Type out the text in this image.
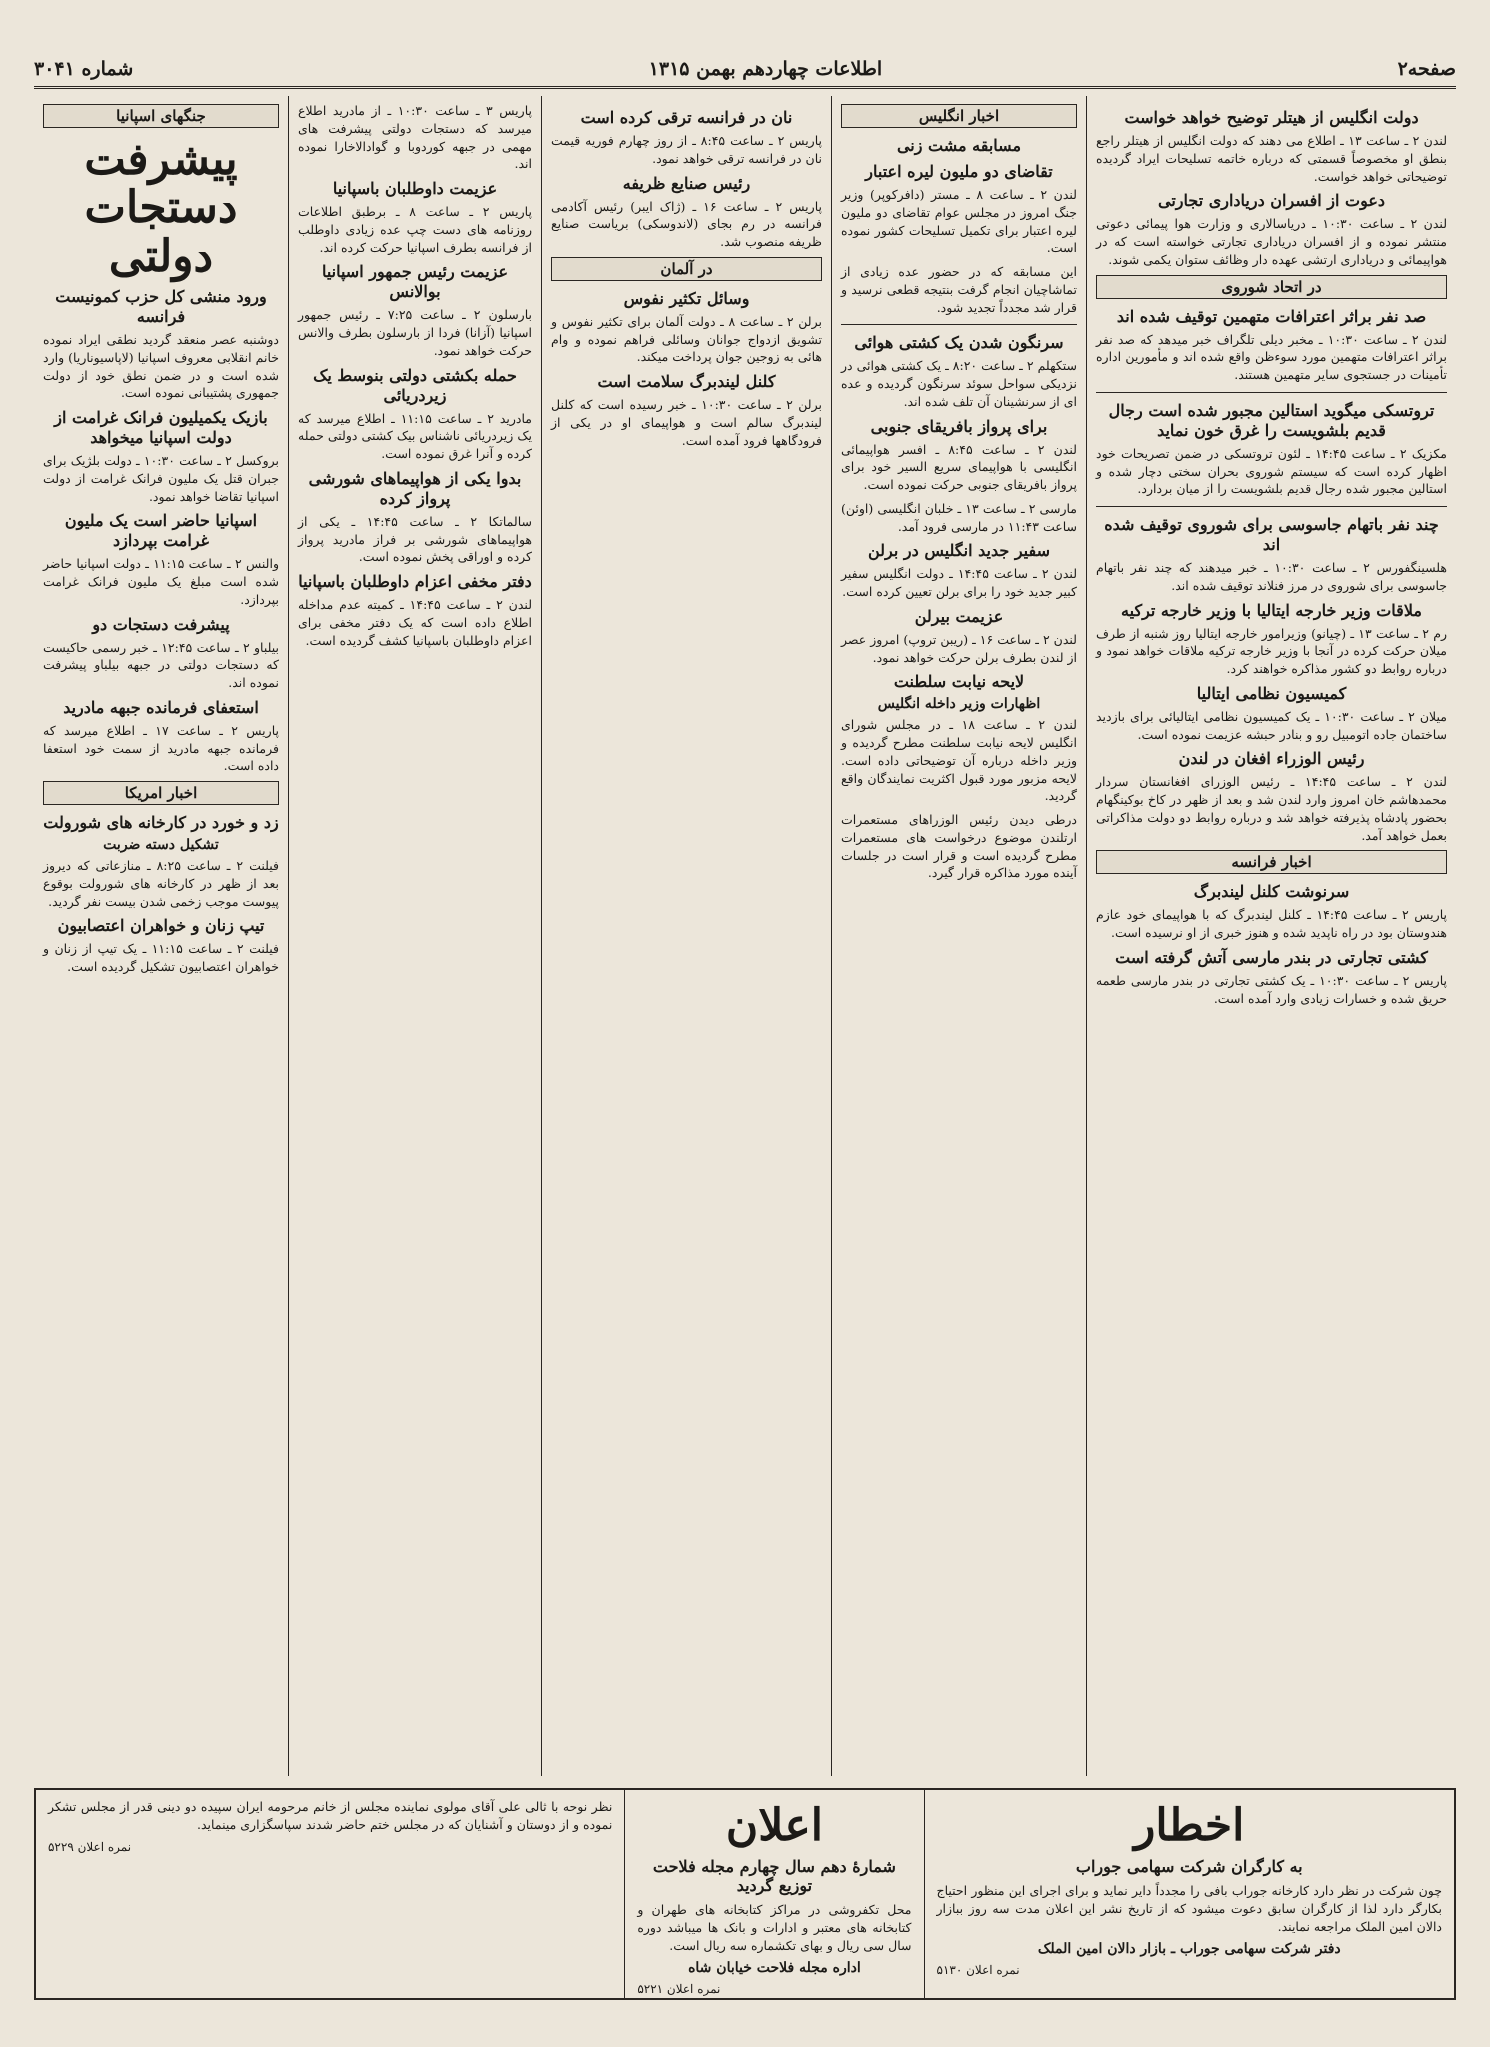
صفحه۲
اطلاعات چهاردهم بهمن ۱۳۱۵
شماره ۳۰۴۱
دولت انگلیس از هیتلر توضیح خواهد خواست

لندن ۲ ـ ساعت ۱۳ ـ اطلاع می دهند که دولت انگلیس از هیتلر راجع بنطق او مخصوصاً قسمتی که درباره خاتمه تسلیحات ایراد گردیده توضیحاتی خواهد خواست.

دعوت از افسران دریاداری تجارتی

لندن ۲ ـ ساعت ۱۰:۳۰ ـ دریاسالاری و وزارت هوا پیمائی دعوتی منتشر نموده و از افسران دریاداری تجارتی خواسته است که در هواپیمائی و دریاداری ارتشی عهده دار وظائف ستوان یکمی شوند.

در اتحاد شوروی
صد نفر براثر اعترافات متهمین توقیف شده اند

لندن ۲ ـ ساعت ۱۰:۳۰ ـ مخبر دیلی تلگراف خبر میدهد که صد نفر براثر اعترافات متهمین مورد سوءظن واقع شده اند و مأمورین اداره تأمینات در جستجوی سایر متهمین هستند.

تروتسکی میگوید استالین مجبور شده است رجال قدیم بلشویست را غرق خون نماید

مکزیک ۲ ـ ساعت ۱۴:۴۵ ـ لئون تروتسکی در ضمن تصریحات خود اظهار کرده است که سیستم شوروی بحران سختی دچار شده و استالین مجبور شده رجال قدیم بلشویست را از میان بردارد.

چند نفر باتهام جاسوسی برای شوروی توقیف شده اند

هلسینگفورس ۲ ـ ساعت ۱۰:۳۰ ـ خبر میدهند که چند نفر باتهام جاسوسی برای شوروی در مرز فنلاند توقیف شده اند.

ملاقات وزیر خارجه ایتالیا با وزیر خارجه ترکیه

رم ۲ ـ ساعت ۱۳ ـ (چیانو) وزیرامور خارجه ایتالیا روز شنبه از طرف میلان حرکت کرده در آنجا با وزیر خارجه ترکیه ملاقات خواهد نمود و درباره روابط دو کشور مذاکره خواهند کرد.

کمیسیون نظامی ایتالیا

میلان ۲ ـ ساعت ۱۰:۳۰ ـ یک کمیسیون نظامی ایتالیائی برای بازدید ساختمان جاده اتومبیل رو و بنادر حبشه عزیمت نموده است.

رئیس الوزراء افغان در لندن

لندن ۲ ـ ساعت ۱۴:۴۵ ـ رئیس الوزرای افغانستان سردار محمدهاشم خان امروز وارد لندن شد و بعد از ظهر در کاخ بوکینگهام بحضور پادشاه پذیرفته خواهد شد و درباره روابط دو دولت مذاکراتی بعمل خواهد آمد.

اخبار فرانسه
سرنوشت کلنل لیندبرگ

پاریس ۲ ـ ساعت ۱۴:۴۵ ـ کلنل لیندبرگ که با هواپیمای خود عازم هندوستان بود در راه ناپدید شده و هنوز خبری از او نرسیده است.

کشتی تجارتی در بندر مارسی آتش گرفته است

پاریس ۲ ـ ساعت ۱۰:۳۰ ـ یک کشتی تجارتی در بندر مارسی طعمه حریق شده و خسارات زیادی وارد آمده است.

اخبار انگلیس
مسابقه مشت زنی
تقاضای دو ملیون لیره اعتبار

لندن ۲ ـ ساعت ۸ ـ مستر (دافرکوپر) وزیر جنگ امروز در مجلس عوام تقاضای دو ملیون لیره اعتبار برای تکمیل تسلیحات کشور نموده است.

این مسابقه که در حضور عده زیادی از تماشاچیان انجام گرفت بنتیجه قطعی نرسید و قرار شد مجدداً تجدید شود.

سرنگون شدن یک کشتی هوائی

ستکهلم ۲ ـ ساعت ۸:۲۰ ـ یک کشتی هوائی در نزدیکی سواحل سوئد سرنگون گردیده و عده ای از سرنشینان آن تلف شده اند.

برای پرواز بافریقای جنوبی

لندن ۲ ـ ساعت ۸:۴۵ ـ افسر هواپیمائی انگلیسی با هواپیمای سریع السیر خود برای پرواز بافریقای جنوبی حرکت نموده است.

مارسی ۲ ـ ساعت ۱۳ ـ خلبان انگلیسی (اوئن) ساعت ۱۱:۴۳ در مارسی فرود آمد.

سفیر جدید انگلیس در برلن

لندن ۲ ـ ساعت ۱۴:۴۵ ـ دولت انگلیس سفیر کبیر جدید خود را برای برلن تعیین کرده است.

عزیمت بیرلن

لندن ۲ ـ ساعت ۱۶ ـ (ریبن تروپ) امروز عصر از لندن بطرف برلن حرکت خواهد نمود.

لایحه نیابت سلطنت
اظهارات وزیر داخله انگلیس

لندن ۲ ـ ساعت ۱۸ ـ در مجلس شورای انگلیس لایحه نیابت سلطنت مطرح گردیده و وزیر داخله درباره آن توضیحاتی داده است. لایحه مزبور مورد قبول اکثریت نمایندگان واقع گردید.

درطی دیدن رئیس الوزراهای مستعمرات ارتلندن موضوع درخواست های مستعمرات مطرح گردیده است و قرار است در جلسات آینده مورد مذاکره قرار گیرد.

نان در فرانسه ترقی کرده است

پاریس ۲ ـ ساعت ۸:۴۵ ـ از روز چهارم فوریه قیمت نان در فرانسه ترقی خواهد نمود.

رئیس صنایع ظریفه

پاریس ۲ ـ ساعت ۱۶ ـ (ژاک ایبر) رئیس آکادمی فرانسه در رم بجای (لاندوسکی) بریاست صنایع ظریفه منصوب شد.

در آلمان
وسائل تکثیر نفوس

برلن ۲ ـ ساعت ۸ ـ دولت آلمان برای تکثیر نفوس و تشویق ازدواج جوانان وسائلی فراهم نموده و وام هائی به زوجین جوان پرداخت میکند.

کلنل لیندبرگ سلامت است

برلن ۲ ـ ساعت ۱۰:۳۰ ـ خبر رسیده است که کلنل لیندبرگ سالم است و هواپیمای او در یکی از فرودگاهها فرود آمده است.

پاریس ۳ ـ ساعت ۱۰:۳۰ ـ از مادرید اطلاع میرسد که دستجات دولتی پیشرفت های مهمی در جبهه کوردوبا و گوادالاخارا نموده اند.

عزیمت داوطلبان باسپانیا

پاریس ۲ ـ ساعت ۸ ـ برطبق اطلاعات روزنامه های دست چپ عده زیادی داوطلب از فرانسه بطرف اسپانیا حرکت کرده اند.

عزیمت رئیس جمهور اسپانیا بوالانس

بارسلون ۲ ـ ساعت ۷:۲۵ ـ رئیس جمهور اسپانیا (آزانا) فردا از بارسلون بطرف والانس حرکت خواهد نمود.

حمله بکشتی دولتی بنوسط یک زیردریائی

مادرید ۲ ـ ساعت ۱۱:۱۵ ـ اطلاع میرسد که یک زیردریائی ناشناس بیک کشتی دولتی حمله کرده و آنرا غرق نموده است.

بدوا یکی از هواپیماهای شورشی پرواز کرده

سالماتکا ۲ ـ ساعت ۱۴:۴۵ ـ یکی از هواپیماهای شورشی بر فراز مادرید پرواز کرده و اوراقی پخش نموده است.

دفتر مخفی اعزام داوطلبان باسپانیا

لندن ۲ ـ ساعت ۱۴:۴۵ ـ کمیته عدم مداخله اطلاع داده است که یک دفتر مخفی برای اعزام داوطلبان باسپانیا کشف گردیده است.

جنگهای اسپانیا
پیشرفت دستجات دولتی
ورود منشی کل حزب کمونیست فرانسه

دوشنبه عصر منعقد گردید نطقی ایراد نموده خانم انقلابی معروف اسپانیا (لاپاسیوناریا) وارد شده است و در ضمن نطق خود از دولت جمهوری پشتیبانی نموده است.

بازیک یکمیلیون فرانک غرامت از دولت اسپانیا میخواهد

بروکسل ۲ ـ ساعت ۱۰:۳۰ ـ دولت بلژیک برای جبران قتل یک ملیون فرانک غرامت از دولت اسپانیا تقاضا خواهد نمود.

اسپانیا حاضر است یک ملیون غرامت بپردازد

والنس ۲ ـ ساعت ۱۱:۱۵ ـ دولت اسپانیا حاضر شده است مبلغ یک ملیون فرانک غرامت بپردازد.

پیشرفت دستجات دو

بیلباو ۲ ـ ساعت ۱۲:۴۵ ـ خبر رسمی حاکیست که دستجات دولتی در جبهه بیلباو پیشرفت نموده اند.

استعفای فرمانده جبهه مادرید

پاریس ۲ ـ ساعت ۱۷ ـ اطلاع میرسد که فرمانده جبهه مادرید از سمت خود استعفا داده است.

اخبار امریکا
زد و خورد در کارخانه های شورولت
تشکیل دسته ضربت

فیلنت ۲ ـ ساعت ۸:۲۵ ـ منازعاتی که دیروز بعد از ظهر در کارخانه های شورولت بوقوع پیوست موجب زخمی شدن بیست نفر گردید.

تیپ زنان و خواهران اعتصابیون

فیلنت ۲ ـ ساعت ۱۱:۱۵ ـ یک تیپ از زنان و خواهران اعتصابیون تشکیل گردیده است.

اخطار
به کارگران شرکت سهامی جوراب

چون شرکت در نظر دارد کارخانه جوراب بافی را مجدداً دایر نماید و برای اجرای این منظور احتیاج بکارگر دارد لذا از کارگران سابق دعوت میشود که از تاریخ نشر این اعلان مدت سه روز ببازار دالان امین الملک مراجعه نمایند.

دفتر شرکت سهامی جوراب ـ بازار دالان امین الملک
نمره اعلان ۵۱۳۰
اعلان
شمارهٔ دهم سال چهارم مجله فلاحت توزیع گردید

محل تکفروشی در مراکز کتابخانه های طهران و کتابخانه های معتبر و ادارات و بانک ها میباشد دوره سال سی ریال و بهای تکشماره سه ریال است.

اداره مجله فلاحت خیابان شاه
نمره اعلان ۵۲۲۱

نظر نوحه با ثالی علی آقای مولوی نماینده مجلس از خانم مرحومه ایران سپیده دو دینی قدر از مجلس تشکر نموده و از دوستان و آشنایان که در مجلس ختم حاضر شدند سپاسگزاری مینماید.

نمره اعلان ۵۲۲۹
